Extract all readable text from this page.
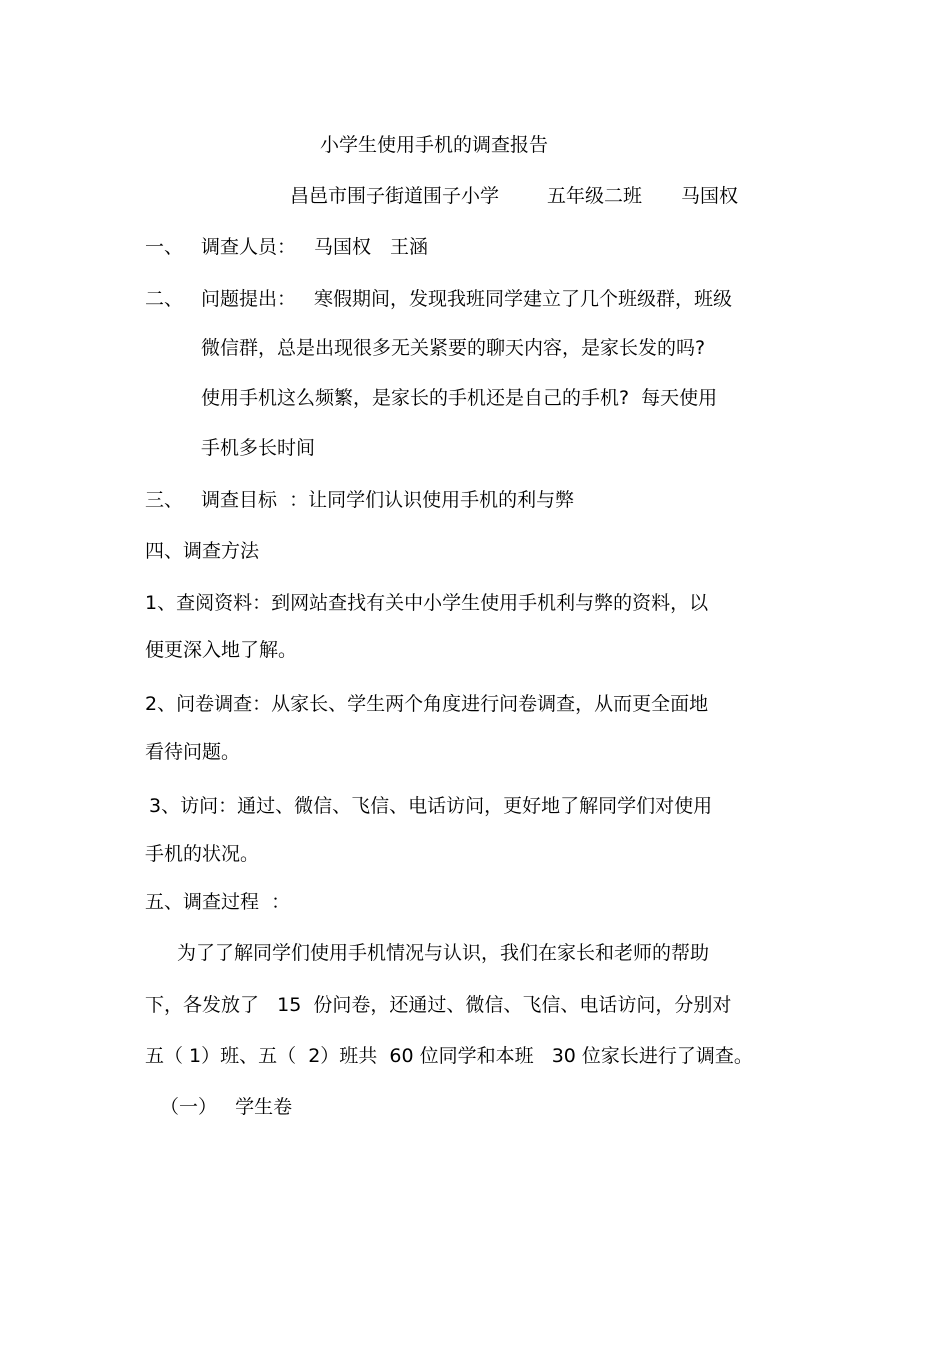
小学生使用手机的调查报告

昌邑市围子街道围子小学	五年级二班 马国权

一、 调查人员： 马国权　王涵

二、 问题提出： 寒假期间，发现我班同学建立了几个班级群，班级

微信群，总是出现很多无关紧要的聊天内容，是家长发的吗?

使用手机这么频繁，是家长的手机还是自己的手机?  每天使用

手机多长时间

三、 调查目标  ：让同学们认识使用手机的利与弊

四、调查方法

1、查阅资料：到网站查找有关中小学生使用手机利与弊的资料，以

便更深入地了解。

2、问卷调查：从家长、学生两个角度进行问卷调查，从而更全面地

看待问题。

3、访问：通过、微信、飞信、电话访问，更好地了解同学们对使用

手机的状况。

五、调查过程  ：

为了了解同学们使用手机情况与认识，我们在家长和老师的帮助

下，各发放了   15  份问卷，还通过、微信、飞信、电话访问，分别对

五（ 1）班、五（  2）班共  60 位同学和本班   30 位家长进行了调查。

（一）   学生卷
